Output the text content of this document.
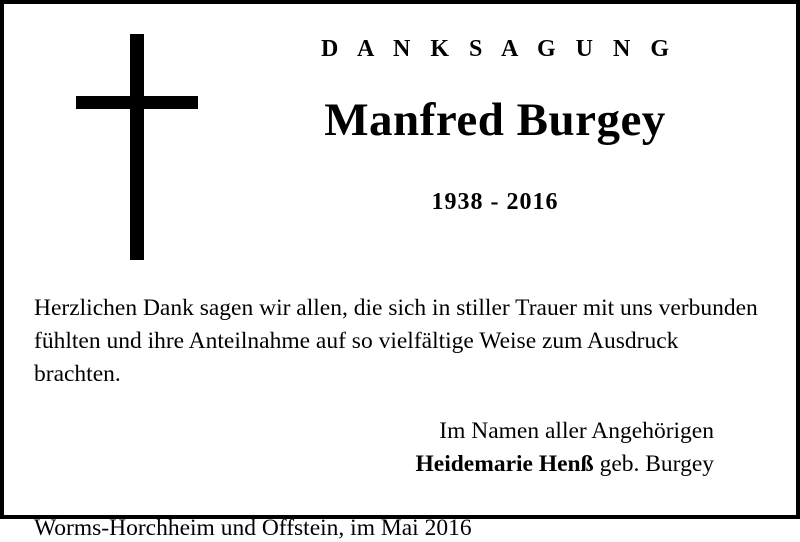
D A N K S A G U N G
Manfred Burgey
1938 - 2016
Herzlichen Dank sagen wir allen, die sich in stiller Trauer mit uns verbunden fühlten und ihre Anteilnahme auf so vielfältige Weise zum Ausdruck brachten.
Im Namen aller Angehörigen
Heidemarie Henß geb. Burgey
Worms-Horchheim und Offstein, im Mai 2016
